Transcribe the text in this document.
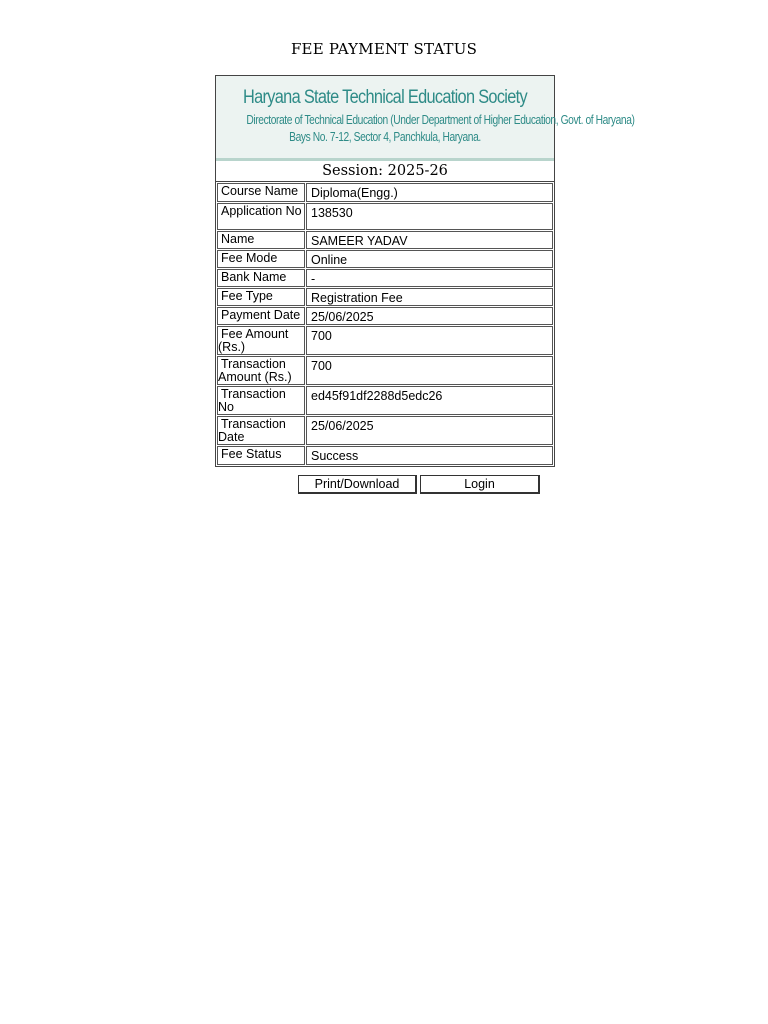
FEE PAYMENT STATUS
Haryana State Technical Education Society
Directorate of Technical Education (Under Department of Higher Education, Govt. of Haryana)
Bays No. 7-12, Sector 4, Panchkula, Haryana.
Session: 2025-26
Course Name	Diploma(Engg.)

Application No	138530

Name	SAMEER YADAV

Fee Mode	Online

Bank Name	-

Fee Type	Registration Fee

Payment Date	25/06/2025

Fee Amount (Rs.)	700

Transaction Amount (Rs.)	700

Transaction No	ed45f91df2288d5edc26

Transaction Date	25/06/2025

Fee Status	Success
Print/Download	Login
